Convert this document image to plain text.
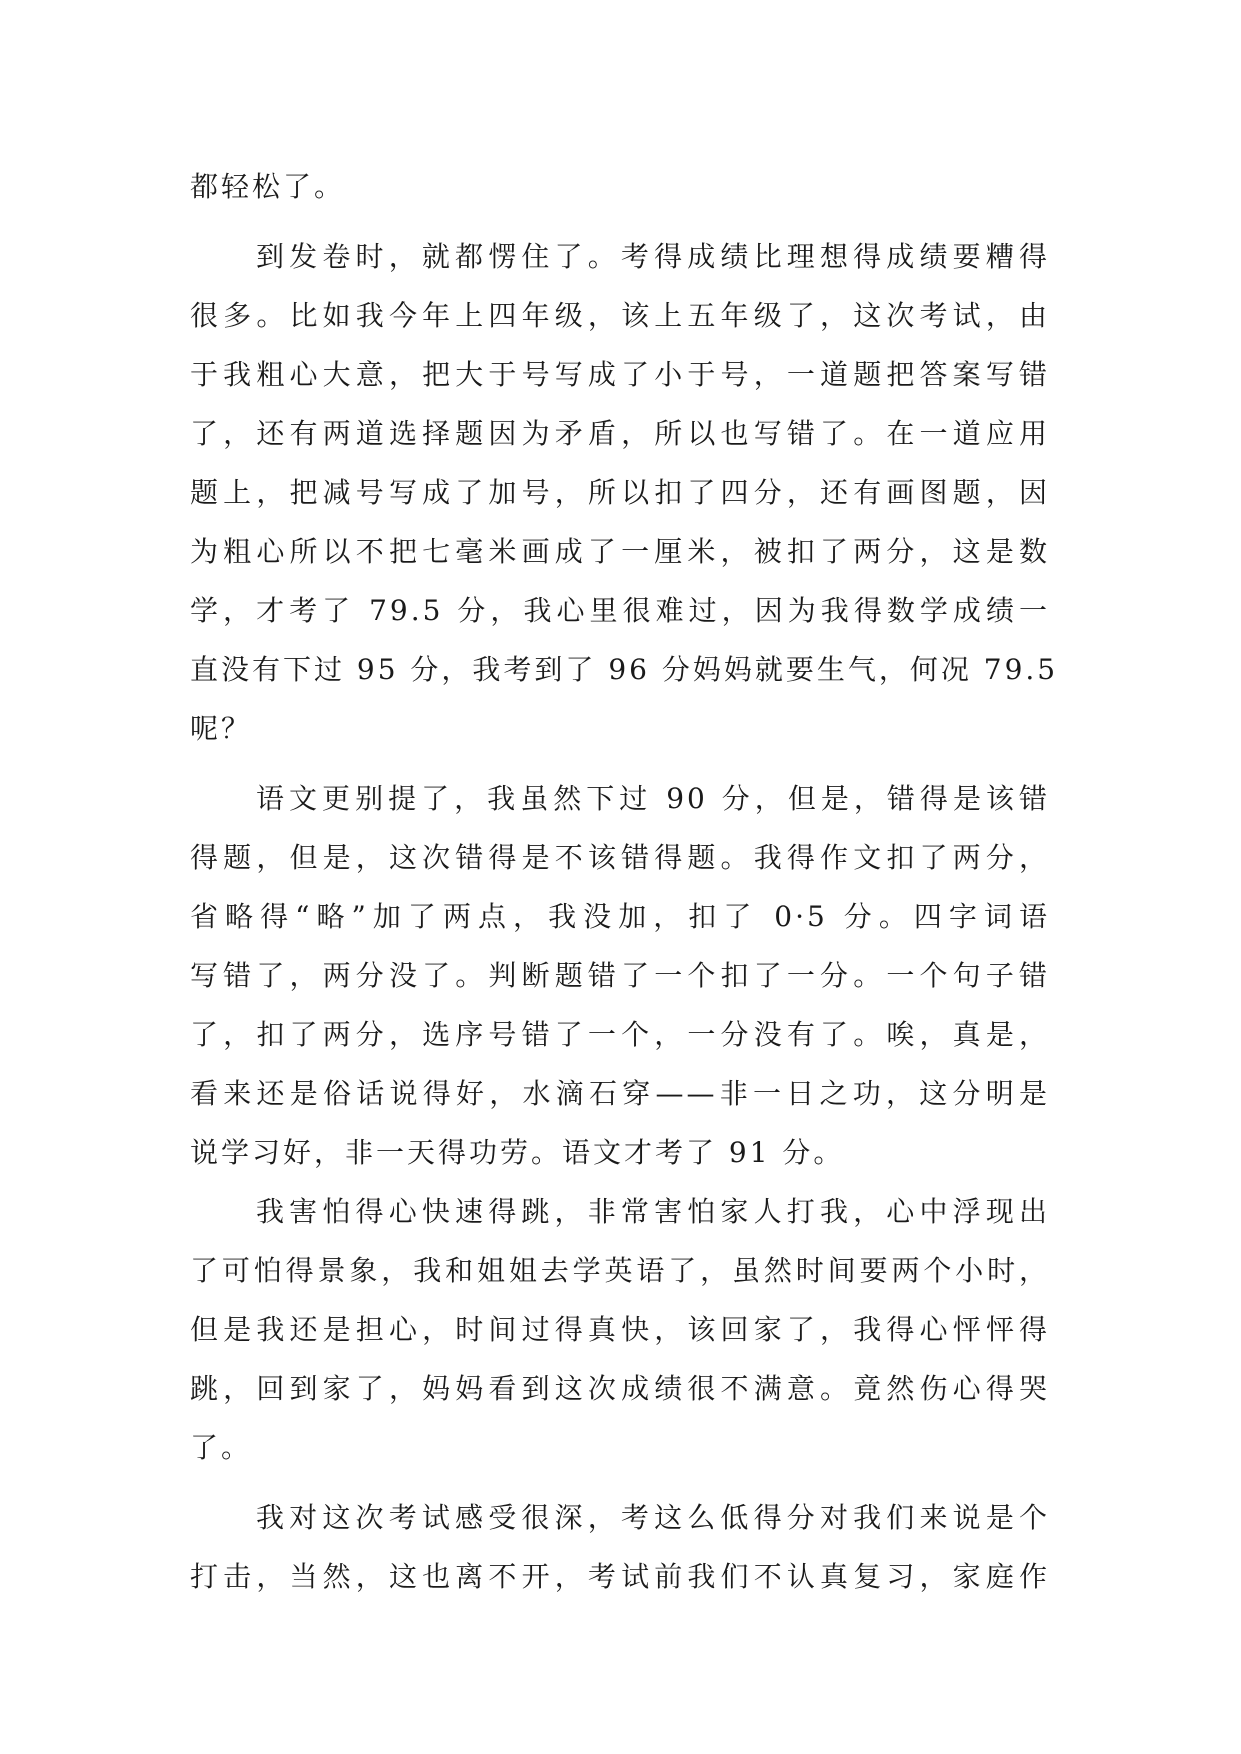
都轻松了。

到发卷时，就都愣住了。考得成绩比理想得成绩要糟得
很多。比如我今年上四年级，该上五年级了，这次考试，由
于我粗心大意，把大于号写成了小于号，一道题把答案写错
了，还有两道选择题因为矛盾，所以也写错了。在一道应用
题上，把减号写成了加号，所以扣了四分，还有画图题，因
为粗心所以不把七毫米画成了一厘米，被扣了两分，这是数
学，才考了 79.5 分，我心里很难过，因为我得数学成绩一
直没有下过 95 分，我考到了 96 分妈妈就要生气，何况 79.5
呢？

语文更别提了，我虽然下过 90 分，但是，错得是该错
得题，但是，这次错得是不该错得题。我得作文扣了两分，
省略得“略”加了两点，我没加，扣了 0·5 分。四字词语
写错了，两分没了。判断题错了一个扣了一分。一个句子错
了，扣了两分，选序号错了一个，一分没有了。唉，真是，
看来还是俗话说得好，水滴石穿——非一日之功，这分明是
说学习好，非一天得功劳。语文才考了 91 分。

我害怕得心快速得跳，非常害怕家人打我，心中浮现出
了可怕得景象，我和姐姐去学英语了，虽然时间要两个小时，
但是我还是担心，时间过得真快，该回家了，我得心怦怦得
跳，回到家了，妈妈看到这次成绩很不满意。竟然伤心得哭
了。

我对这次考试感受很深，考这么低得分对我们来说是个
打击，当然，这也离不开，考试前我们不认真复习，家庭作
